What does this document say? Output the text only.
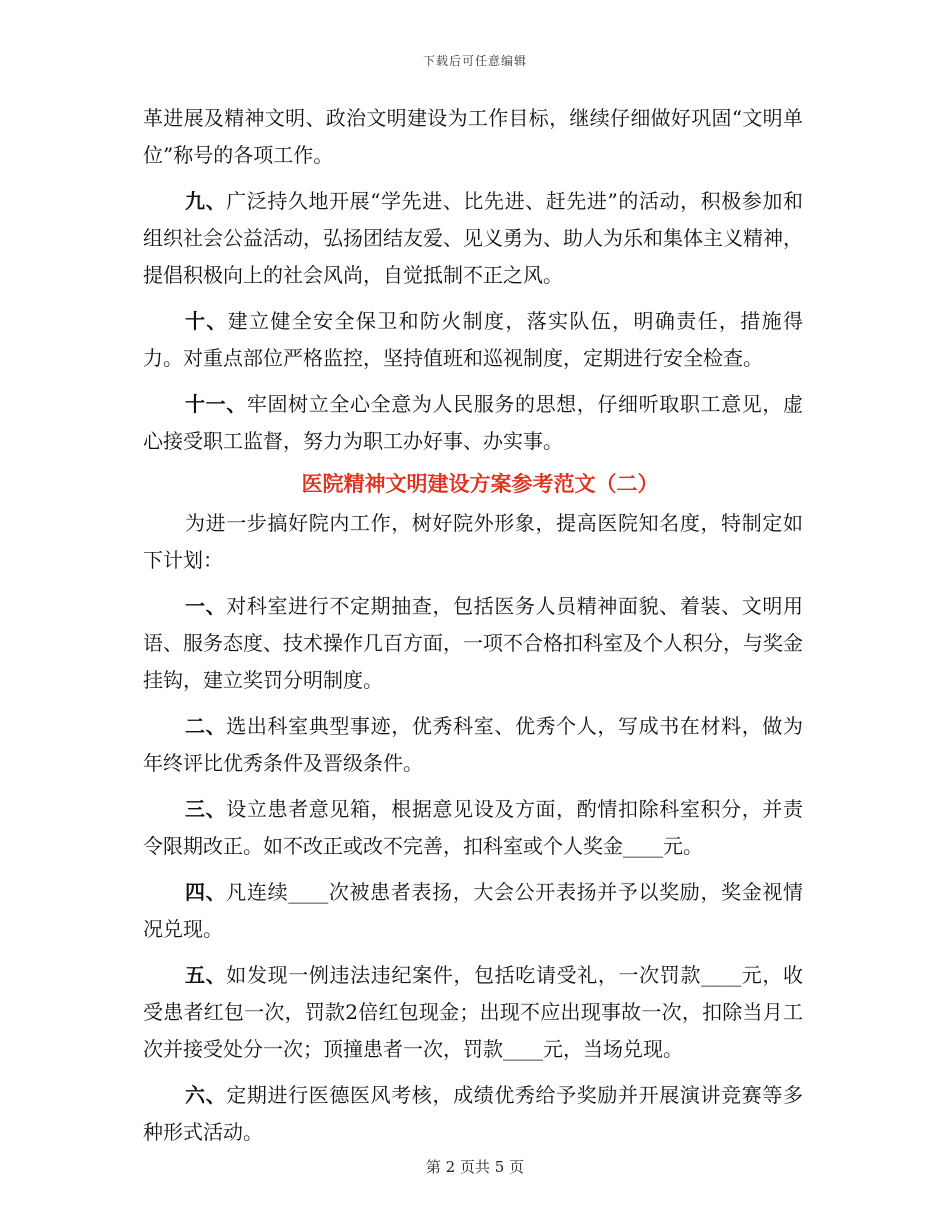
下载后可任意编辑

革进展及精神文明、政治文明建设为工作目标，继续仔细做好巩固“文明单位”称号的各项工作。

九、广泛持久地开展“学先进、比先进、赶先进”的活动，积极参加和组织社会公益活动，弘扬团结友爱、见义勇为、助人为乐和集体主义精神，提倡积极向上的社会风尚，自觉抵制不正之风。

十、建立健全安全保卫和防火制度，落实队伍，明确责任，措施得力。对重点部位严格监控，坚持值班和巡视制度，定期进行安全检查。

十一、牢固树立全心全意为人民服务的思想，仔细听取职工意见，虚心接受职工监督，努力为职工办好事、办实事。

医院精神文明建设方案参考范文（二）

为进一步搞好院内工作，树好院外形象，提高医院知名度，特制定如下计划：

一、对科室进行不定期抽查，包括医务人员精神面貌、着装、文明用语、服务态度、技术操作几百方面，一项不合格扣科室及个人积分，与奖金挂钩，建立奖罚分明制度。

二、选出科室典型事迹，优秀科室、优秀个人，写成书在材料，做为年终评比优秀条件及晋级条件。

三、设立患者意见箱，根据意见设及方面，酌情扣除科室积分，并责令限期改正。如不改正或改不完善，扣科室或个人奖金____元。

四、凡连续____次被患者表扬，大会公开表扬并予以奖励，奖金视情况兑现。

五、如发现一例违法违纪案件，包括吃请受礼，一次罚款____元，收受患者红包一次，罚款2倍红包现金；出现不应出现事故一次，扣除当月工次并接受处分一次；顶撞患者一次，罚款____元，当场兑现。

六、定期进行医德医风考核，成绩优秀给予奖励并开展演讲竞赛等多种形式活动。

第 2 页共 5 页
